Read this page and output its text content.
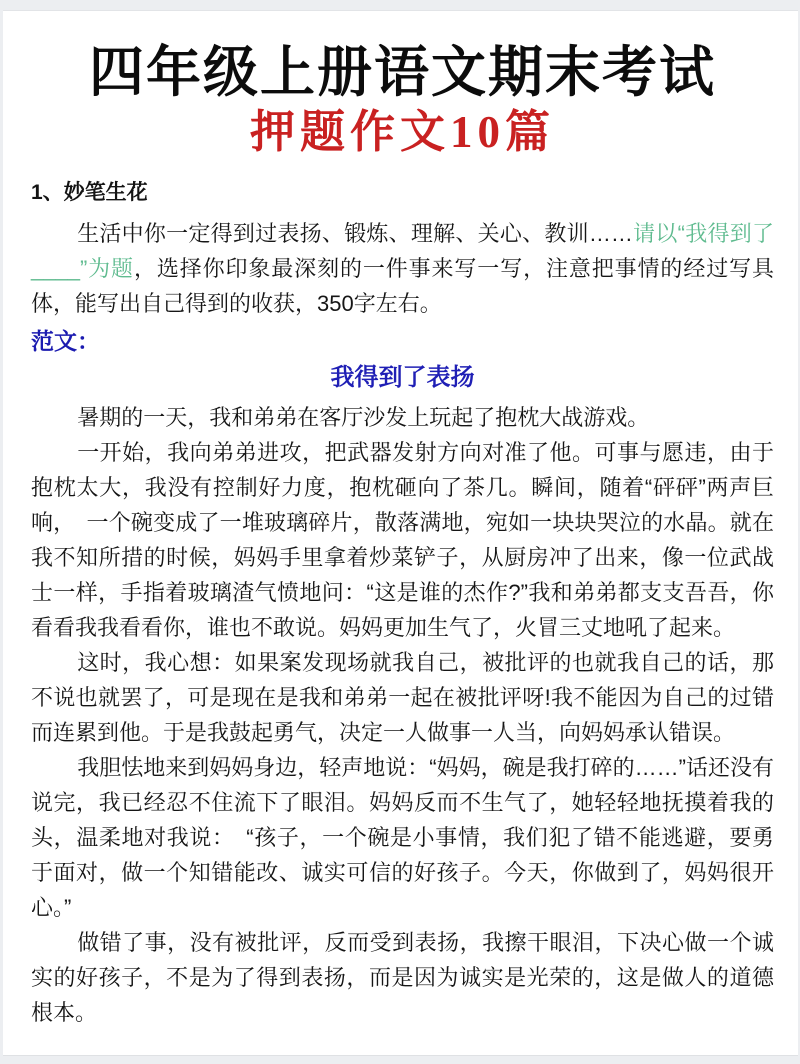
四年级上册语文期末考试
押题作文10篇
1、妙笔生花

生活中你一定得到过表扬、锻炼、理解、关心、教训……请以“我得到了____”为题，选择你印象最深刻的一件事来写一写，注意把事情的经过写具体，能写出自己得到的收获，350字左右。

范文：
我得到了表扬

暑期的一天，我和弟弟在客厅沙发上玩起了抱枕大战游戏。

一开始，我向弟弟进攻，把武器发射方向对准了他。可事与愿违，由于抱枕太大，我没有控制好力度，抱枕砸向了茶几。瞬间，随着“砰砰”两声巨响，　一个碗变成了一堆玻璃碎片，散落满地，宛如一块块哭泣的水晶。就在我不知所措的时候，妈妈手里拿着炒菜铲子，从厨房冲了出来，像一位武战士一样，手指着玻璃渣气愤地问：“这是谁的杰作?”我和弟弟都支支吾吾，你看看我我看看你，谁也不敢说。妈妈更加生气了，火冒三丈地吼了起来。

这时，我心想：如果案发现场就我自己，被批评的也就我自己的话，那不说也就罢了，可是现在是我和弟弟一起在被批评呀!我不能因为自己的过错而连累到他。于是我鼓起勇气，决定一人做事一人当，向妈妈承认错误。

我胆怯地来到妈妈身边，轻声地说：“妈妈，碗是我打碎的……”话还没有说完，我已经忍不住流下了眼泪。妈妈反而不生气了，她轻轻地抚摸着我的头，温柔地对我说：　“孩子，一个碗是小事情，我们犯了错不能逃避，要勇于面对，做一个知错能改、诚实可信的好孩子。今天，你做到了，妈妈很开心。”

做错了事，没有被批评，反而受到表扬，我擦干眼泪，下决心做一个诚实的好孩子，不是为了得到表扬，而是因为诚实是光荣的，这是做人的道德根本。
